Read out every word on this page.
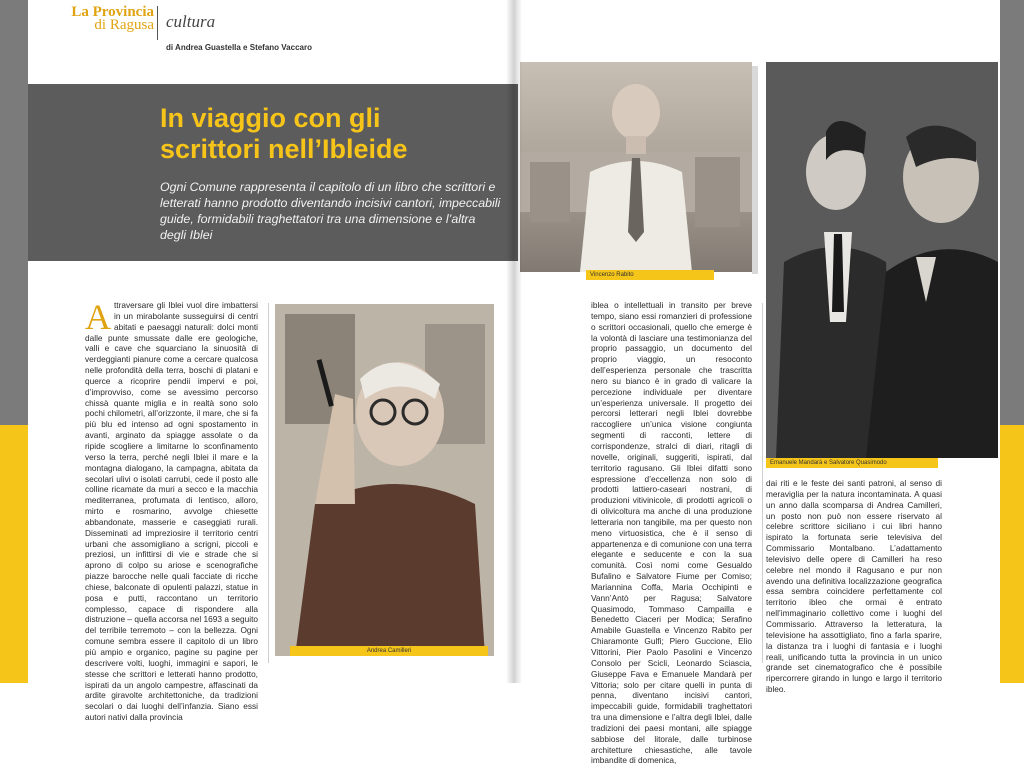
La Provincia
di Ragusa cultura
di Andrea Guastella e Stefano Vaccaro
In viaggio con gli
scrittori nell’Ibleide
Ogni Comune rappresenta il capitolo di un libro che scrittori e letterati hanno prodotto diventando incisivi cantori, impeccabili guide, formidabili traghettatori tra una dimensione e l’altra degli Iblei
Vincenzo Rabito
Emanuele Mandarà e Salvatore Quasimodo
Andrea Camilleri
A ttraversare gli Iblei vuol dire imbattersi in un mirabolante susseguirsi di centri abitati e paesaggi naturali: dolci monti dalle punte smussate dalle ere geologiche, valli e cave che squarciano la sinuosità di verdeggianti pianure come a cercare qualcosa nelle profondità della terra, boschi di platani e querce a ricoprire pendii impervi e poi, d’improvviso, come se avessimo percorso chissà quante miglia e in realtà sono solo pochi chilometri, all’orizzonte, il mare, che si fa più blu ed intenso ad ogni spostamento in avanti, arginato da spiagge assolate o da ripide scogliere a limitarne lo sconfinamento verso la terra, perché negli Iblei il mare e la montagna dialogano, la campagna, abitata da secolari ulivi o isolati carrubi, cede il posto alle colline ricamate da muri a secco e la macchia mediterranea, profumata di lentisco, alloro, mirto e rosmarino, avvolge chiesette abbandonate, masserie e caseggiati rurali. Disseminati ad impreziosire il territorio centri urbani che assomigliano a scrigni, piccoli e preziosi, un infittirsi di vie e strade che si aprono di colpo su ariose e scenografiche piazze barocche nelle quali facciate di ricche chiese, balconate di opulenti palazzi, statue in posa e putti, raccontano un territorio complesso, capace di rispondere alla distruzione – quella accorsa nel 1693 a seguito del terribile terremoto – con la bellezza. Ogni comune sembra essere il capitolo di un libro più ampio e organico, pagine su pagine per descrivere volti, luoghi, immagini e sapori, le stesse che scrittori e letterati hanno prodotto, ispirati da un angolo campestre, affascinati da ardite giravolte architettoniche, da tradizioni secolari o dai luoghi dell’infanzia. Siano essi autori nativi dalla provincia

iblea o intellettuali in transito per breve tempo, siano essi romanzieri di professione o scrittori occasionali, quello che emerge è la volontà di lasciare una testimonianza del proprio passaggio, un documento del proprio viaggio, un resoconto dell’esperienza personale che trascritta nero su bianco è in grado di valicare la percezione individuale per diventare un’esperienza universale. Il progetto dei percorsi letterari negli Iblei dovrebbe raccogliere un’unica visione congiunta segmenti di racconti, lettere di corrispondenze, stralci di diari, ritagli di novelle, originali, suggeriti, ispirati, dal territorio ragusano. Gli Iblei difatti sono espressione d’eccellenza non solo di prodotti lattiero-caseari nostrani, di produzioni vitivinicole, di prodotti agricoli o di olivicoltura ma anche di una produzione letteraria non tangibile, ma per questo non meno virtuosistica, che è il senso di appartenenza e di comunione con una terra elegante e seducente e con la sua comunità. Così nomi come Gesualdo Bufalino e Salvatore Fiume per Comiso; Mariannina Coffa, Maria Occhipinti e Vann’Antò per Ragusa; Salvatore Quasimodo, Tommaso Campailla e Benedetto Ciaceri per Modica; Serafino Amabile Guastella e Vincenzo Rabito per Chiaramonte Gulfi; Piero Guccione, Elio Vittorini, Pier Paolo Pasolini e Vincenzo Consolo per Scicli, Leonardo Sciascia, Giuseppe Fava e Emanuele Mandarà per Vittoria; solo per citare quelli in punta di penna, diventano incisivi cantori, impeccabili guide, formidabili traghettatori tra una dimensione e l’altra degli Iblei, dalle tradizioni dei paesi montani, alle spiagge sabbiose del litorale, dalle turbinose architetture chiesastiche, alle tavole imbandite di domenica,

dai riti e le feste dei santi patroni, al senso di meraviglia per la natura incontaminata. A quasi un anno dalla scomparsa di Andrea Camilleri, un posto non può non essere riservato al celebre scrittore siciliano i cui libri hanno ispirato la fortunata serie televisiva del Commissario Montalbano. L’adattamento televisivo delle opere di Camilleri ha reso celebre nel mondo il Ragusano e pur non avendo una definitiva localizzazione geografica essa sembra coincidere perfettamente col territorio ibleo che ormai è entrato nell’immaginario collettivo come i luoghi del Commissario. Attraverso la letteratura, la televisione ha assottigliato, fino a farla sparire, la distanza tra i luoghi di fantasia e i luoghi reali, unificando tutta la provincia in un unico grande set cinematografico che è possibile ripercorrere girando in lungo e largo il territorio ibleo.
